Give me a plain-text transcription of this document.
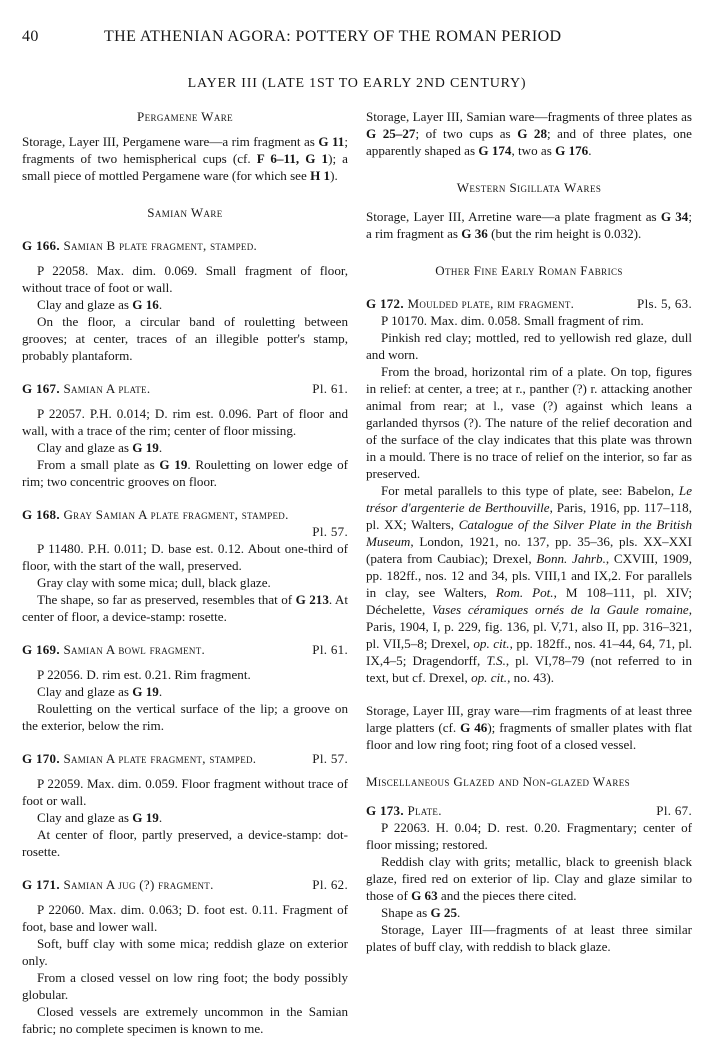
40	THE ATHENIAN AGORA: POTTERY OF THE ROMAN PERIOD
LAYER III (LATE 1ST TO EARLY 2ND CENTURY)
Pergamene Ware

Storage, Layer III, Pergamene ware—a rim fragment as G 11; fragments of two hemispherical cups (cf. F 6–11, G 1); a small piece of mottled Pergamene ware (for which see H 1).

Samian Ware
G 166. Samian B plate fragment, stamped.

P 22058. Max. dim. 0.069. Small fragment of floor, without trace of foot or wall.

Clay and glaze as G 16.

On the floor, a circular band of rouletting between grooves; at center, traces of an illegible potter's stamp, probably plantaform.

G 167. Samian A plate.	Pl. 61.

P 22057. P.H. 0.014; D. rim est. 0.096. Part of floor and wall, with a trace of the rim; center of floor missing.

Clay and glaze as G 19.

From a small plate as G 19. Rouletting on lower edge of rim; two concentric grooves on floor.

G 168. Gray Samian A plate fragment, stamped.
Pl. 57.

P 11480. P.H. 0.011; D. base est. 0.12. About one-third of floor, with the start of the wall, preserved.

Gray clay with some mica; dull, black glaze.

The shape, so far as preserved, resembles that of G 213. At center of floor, a device-stamp: rosette.

G 169. Samian A bowl fragment.	Pl. 61.

P 22056. D. rim est. 0.21. Rim fragment.

Clay and glaze as G 19.

Rouletting on the vertical surface of the lip; a groove on the exterior, below the rim.

G 170. Samian A plate fragment, stamped.	Pl. 57.

P 22059. Max. dim. 0.059. Floor fragment without trace of foot or wall.

Clay and glaze as G 19.

At center of floor, partly preserved, a device-stamp: dot-rosette.

G 171. Samian A jug (?) fragment.	Pl. 62.

P 22060. Max. dim. 0.063; D. foot est. 0.11. Fragment of foot, base and lower wall.

Soft, buff clay with some mica; reddish glaze on exterior only.

From a closed vessel on low ring foot; the body possibly globular.

Closed vessels are extremely uncommon in the Samian fabric; no complete specimen is known to me.

Storage, Layer III, Samian ware—fragments of three plates as G 25–27; of two cups as G 28; and of three plates, one apparently shaped as G 174, two as G 176.

Western Sigillata Wares

Storage, Layer III, Arretine ware—a plate fragment as G 34; a rim fragment as G 36 (but the rim height is 0.032).

Other Fine Early Roman Fabrics
G 172. Moulded plate, rim fragment.	Pls. 5, 63.

P 10170. Max. dim. 0.058. Small fragment of rim.

Pinkish red clay; mottled, red to yellowish red glaze, dull and worn.

From the broad, horizontal rim of a plate. On top, figures in relief: at center, a tree; at r., panther (?) r. attacking another animal from rear; at l., vase (?) against which leans a garlanded thyrsos (?). The nature of the relief decoration and of the surface of the clay indicates that this plate was thrown in a mould. There is no trace of relief on the interior, so far as preserved.

For metal parallels to this type of plate, see: Babelon, Le trésor d'argenterie de Berthouville, Paris, 1916, pp. 117–118, pl. XX; Walters, Catalogue of the Silver Plate in the British Museum, London, 1921, no. 137, pp. 35–36, pls. XX–XXI (patera from Caubiac); Drexel, Bonn. Jahrb., CXVIII, 1909, pp. 182ff., nos. 12 and 34, pls. VIII,1 and IX,2. For parallels in clay, see Walters, Rom. Pot., M 108–111, pl. XIV; Déchelette, Vases céramiques ornés de la Gaule romaine, Paris, 1904, I, p. 229, fig. 136, pl. V,71, also II, pp. 316–321, pl. VII,5–8; Drexel, op. cit., pp. 182ff., nos. 41–44, 64, 71, pl. IX,4–5; Dragendorff, T.S., pl. VI,78–79 (not referred to in text, but cf. Drexel, op. cit., no. 43).

Storage, Layer III, gray ware—rim fragments of at least three large platters (cf. G 46); fragments of smaller plates with flat floor and low ring foot; ring foot of a closed vessel.

Miscellaneous Glazed and Non-glazed Wares
G 173. Plate.	Pl. 67.

P 22063. H. 0.04; D. rest. 0.20. Fragmentary; center of floor missing; restored.

Reddish clay with grits; metallic, black to greenish black glaze, fired red on exterior of lip. Clay and glaze similar to those of G 63 and the pieces there cited.

Shape as G 25.

Storage, Layer III—fragments of at least three similar plates of buff clay, with reddish to black glaze.
